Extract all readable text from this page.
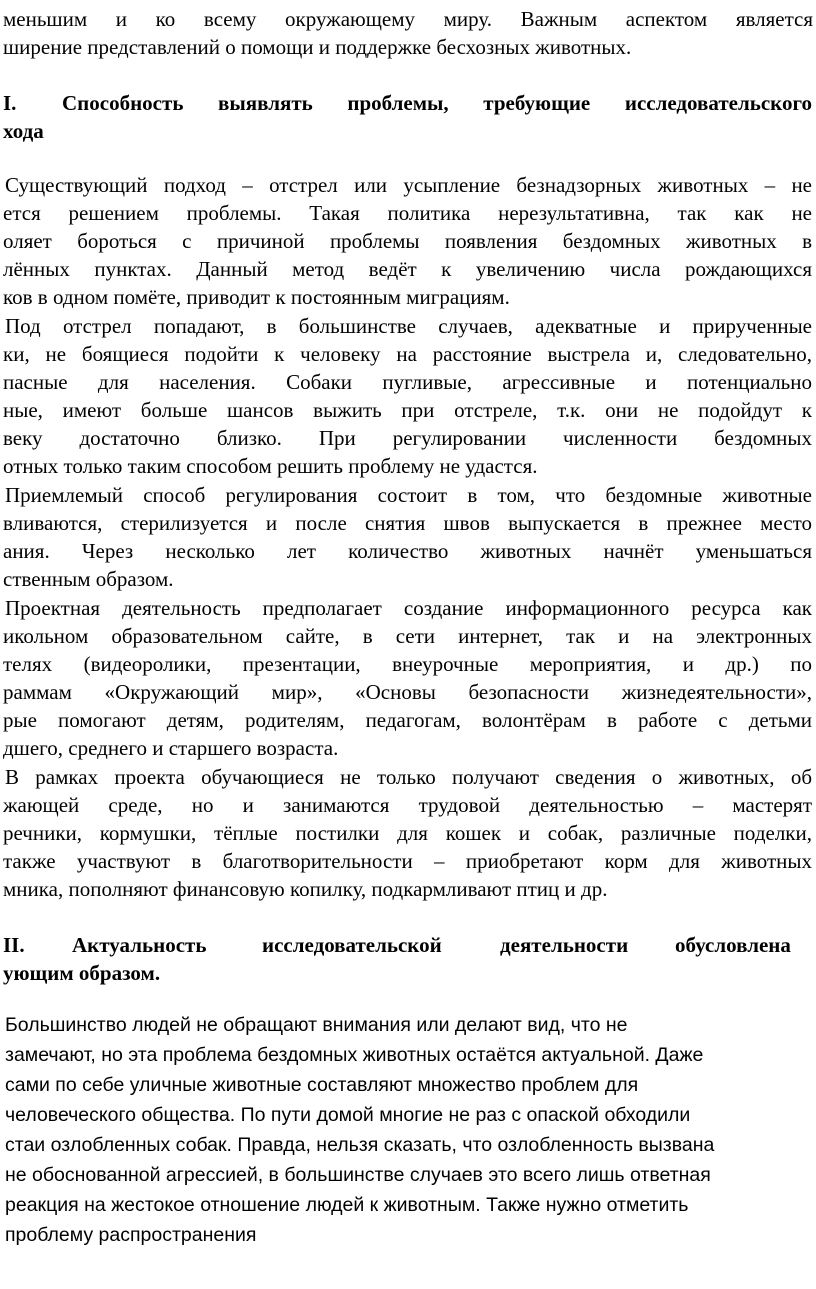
меньшим и ко всему окружающему миру. Важным аспектом является
ширение представлений о помощи и поддержке бесхозных животных.
I. Способность выявлять проблемы, требующие исследовательского
хода
Существующий подход – отстрел или усыпление безнадзорных животных – не
ется решением проблемы. Такая политика нерезультативна, так как не
оляет бороться с причиной проблемы появления бездомных животных в
лённых пунктах. Данный метод ведёт к увеличению числа рождающихся
ков в одном помёте, приводит к постоянным миграциям.
Под отстрел попадают, в большинстве случаев, адекватные и прирученные
ки, не боящиеся подойти к человеку на расстояние выстрела и, следовательно,
пасные для населения. Собаки пугливые, агрессивные и потенциально
ные, имеют больше шансов выжить при отстреле, т.к. они не подойдут к
веку достаточно близко. При регулировании численности бездомных
отных только таким способом решить проблему не удастся.
Приемлемый способ регулирования состоит в том, что бездомные животные
вливаются, стерилизуется и после снятия швов выпускается в прежнее место
ания. Через несколько лет количество животных начнёт уменьшаться
ственным образом.
Проектная деятельность предполагает создание информационного ресурса как
икольном образовательном сайте, в сети интернет, так и на электронных
телях (видеоролики, презентации, внеурочные мероприятия, и др.) по
раммам «Окружающий мир», «Основы безопасности жизнедеятельности»,
рые помогают детям, родителям, педагогам, волонтёрам в работе с детьми
дшего, среднего и старшего возраста.
В рамках проекта обучающиеся не только получают сведения о животных, об
жающей среде, но и занимаются трудовой деятельностью – мастерят
речники, кормушки, тёплые постилки для кошек и собак, различные поделки,
также участвуют в благотворительности – приобретают корм для животных
мника, пополняют финансовую копилку, подкармливают птиц и др.
II. Актуальность	исследовательской	деятельности обусловлена
ующим образом.
Большинство людей не обращают внимания или делают вид, что не
замечают, но эта проблема бездомных животных остаётся актуальной. Даже
сами по себе уличные животные составляют множество проблем для
человеческого общества. По пути домой многие не раз с опаской обходили
стаи озлобленных собак. Правда, нельзя сказать, что озлобленность вызвана
не обоснованной агрессией, в большинстве случаев это всего лишь ответная
реакция на жестокое отношение людей к животным. Также нужно отметить
проблему распространения
